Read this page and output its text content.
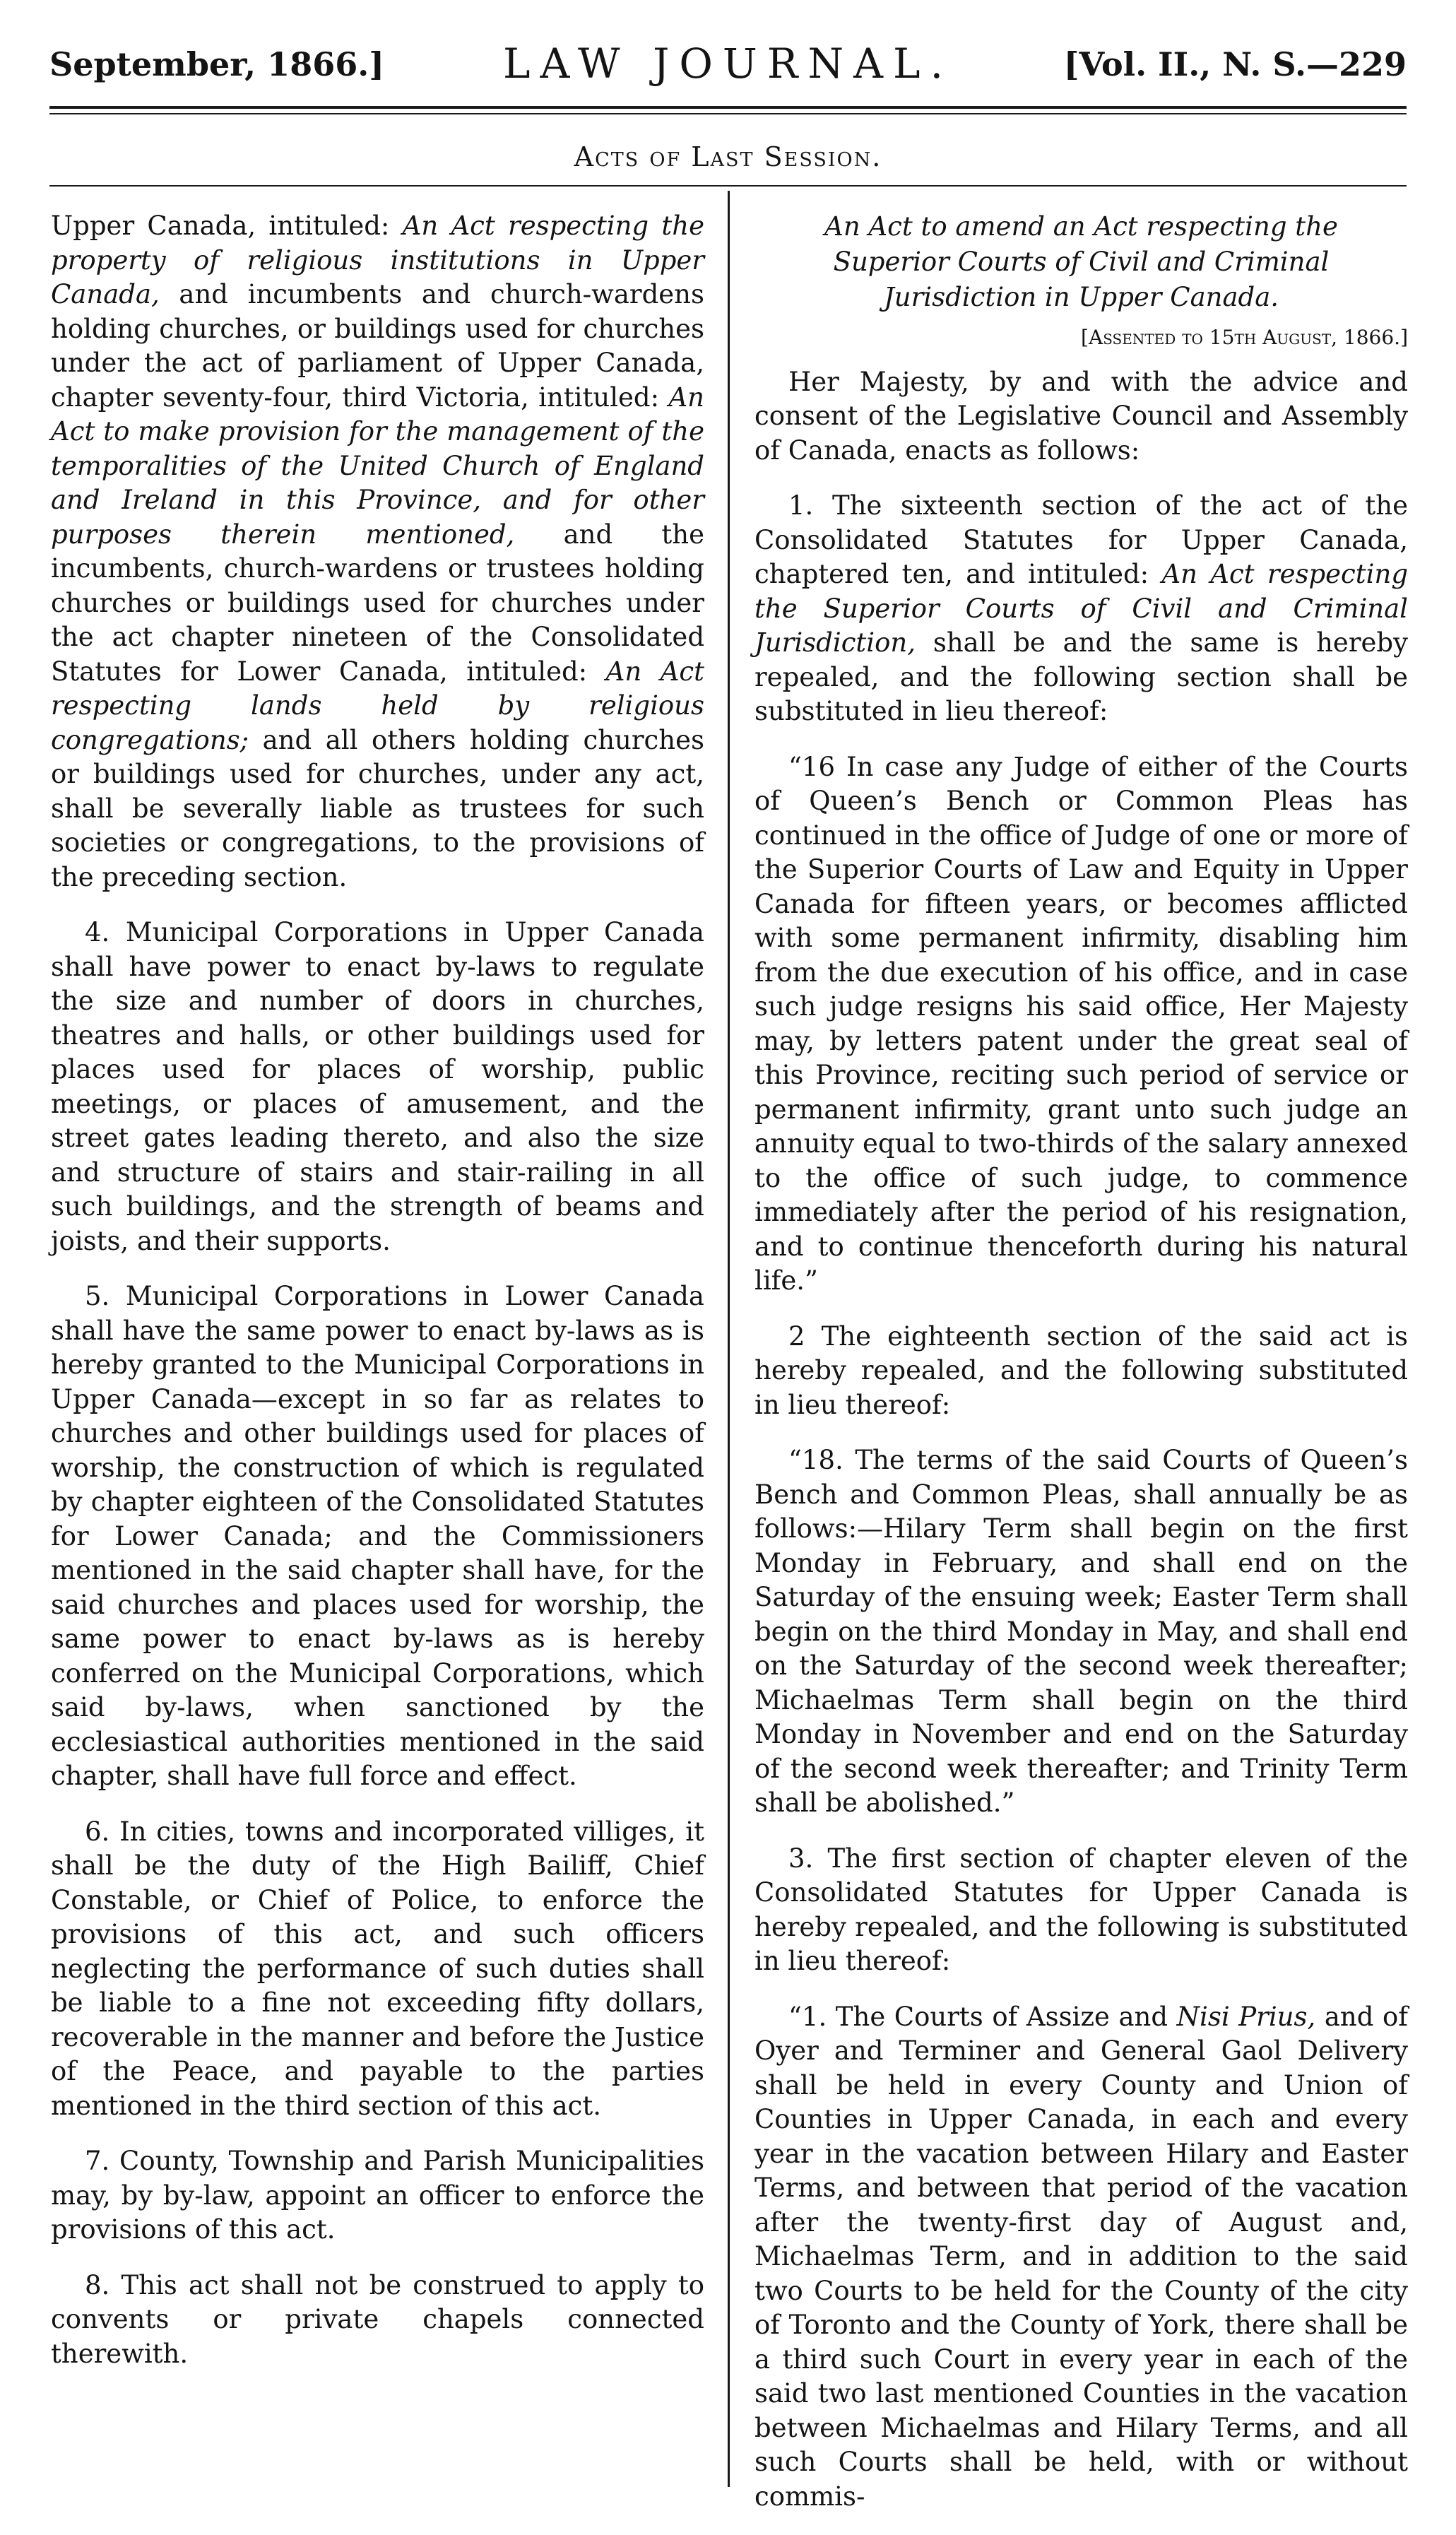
September, 1866.]	LAW JOURNAL.	[Vol. II., N. S.—229
Acts of Last Session.

Upper Canada, intituled: An Act respecting the property of religious institutions in Upper Canada, and incumbents and church-wardens holding churches, or buildings used for churches under the act of parliament of Upper Canada, chapter seventy-four, third Victoria, intituled: An Act to make provision for the management of the temporalities of the United Church of England and Ireland in this Province, and for other purposes therein mentioned, and the incumbents, church-wardens or trustees holding churches or buildings used for churches under the act chapter nineteen of the Consolidated Statutes for Lower Canada, intituled: An Act respecting lands held by religious congregations; and all others holding churches or buildings used for churches, under any act, shall be severally liable as trustees for such societies or congregations, to the provisions of the preceding section.

4. Municipal Corporations in Upper Canada shall have power to enact by-laws to regulate the size and number of doors in churches, theatres and halls, or other buildings used for places used for places of worship, public meetings, or places of amusement, and the street gates leading thereto, and also the size and structure of stairs and stair-railing in all such buildings, and the strength of beams and joists, and their supports.

5. Municipal Corporations in Lower Canada shall have the same power to enact by-laws as is hereby granted to the Municipal Corporations in Upper Canada—except in so far as relates to churches and other buildings used for places of worship, the construction of which is regulated by chapter eighteen of the Consolidated Statutes for Lower Canada; and the Commissioners mentioned in the said chapter shall have, for the said churches and places used for worship, the same power to enact by-laws as is hereby conferred on the Municipal Corporations, which said by-laws, when sanctioned by the ecclesiastical authorities mentioned in the said chapter, shall have full force and effect.

6. In cities, towns and incorporated villiges, it shall be the duty of the High Bailiff, Chief Constable, or Chief of Police, to enforce the provisions of this act, and such officers neglecting the performance of such duties shall be liable to a fine not exceeding fifty dollars, recoverable in the manner and before the Justice of the Peace, and payable to the parties mentioned in the third section of this act.

7. County, Township and Parish Municipalities may, by by-law, appoint an officer to enforce the provisions of this act.

8. This act shall not be construed to apply to convents or private chapels connected therewith.

An Act to amend an Act respecting the Superior Courts of Civil and Criminal Jurisdiction in Upper Canada.
[Assented to 15th August, 1866.]

Her Majesty, by and with the advice and consent of the Legislative Council and Assembly of Canada, enacts as follows:

1. The sixteenth section of the act of the Consolidated Statutes for Upper Canada, chaptered ten, and intituled: An Act respecting the Superior Courts of Civil and Criminal Jurisdiction, shall be and the same is hereby repealed, and the following section shall be substituted in lieu thereof:

“16 In case any Judge of either of the Courts of Queen’s Bench or Common Pleas has continued in the office of Judge of one or more of the Superior Courts of Law and Equity in Upper Canada for fifteen years, or becomes afflicted with some permanent infirmity, disabling him from the due execution of his office, and in case such judge resigns his said office, Her Majesty may, by letters patent under the great seal of this Province, reciting such period of service or permanent infirmity, grant unto such judge an annuity equal to two-thirds of the salary annexed to the office of such judge, to commence immediately after the period of his resignation, and to continue thenceforth during his natural life.”

2 The eighteenth section of the said act is hereby repealed, and the following substituted in lieu thereof:

“18. The terms of the said Courts of Queen’s Bench and Common Pleas, shall annually be as follows:—Hilary Term shall begin on the first Monday in February, and shall end on the Saturday of the ensuing week; Easter Term shall begin on the third Monday in May, and shall end on the Saturday of the second week thereafter; Michaelmas Term shall begin on the third Monday in November and end on the Saturday of the second week thereafter; and Trinity Term shall be abolished.”

3. The first section of chapter eleven of the Consolidated Statutes for Upper Canada is hereby repealed, and the following is substituted in lieu thereof:

“1. The Courts of Assize and Nisi Prius, and of Oyer and Terminer and General Gaol Delivery shall be held in every County and Union of Counties in Upper Canada, in each and every year in the vacation between Hilary and Easter Terms, and between that period of the vacation after the twenty-first day of August and, Michaelmas Term, and in addition to the said two Courts to be held for the County of the city of Toronto and the County of York, there shall be a third such Court in every year in each of the said two last mentioned Counties in the vacation between Michaelmas and Hilary Terms, and all such Courts shall be held, with or without commis-
